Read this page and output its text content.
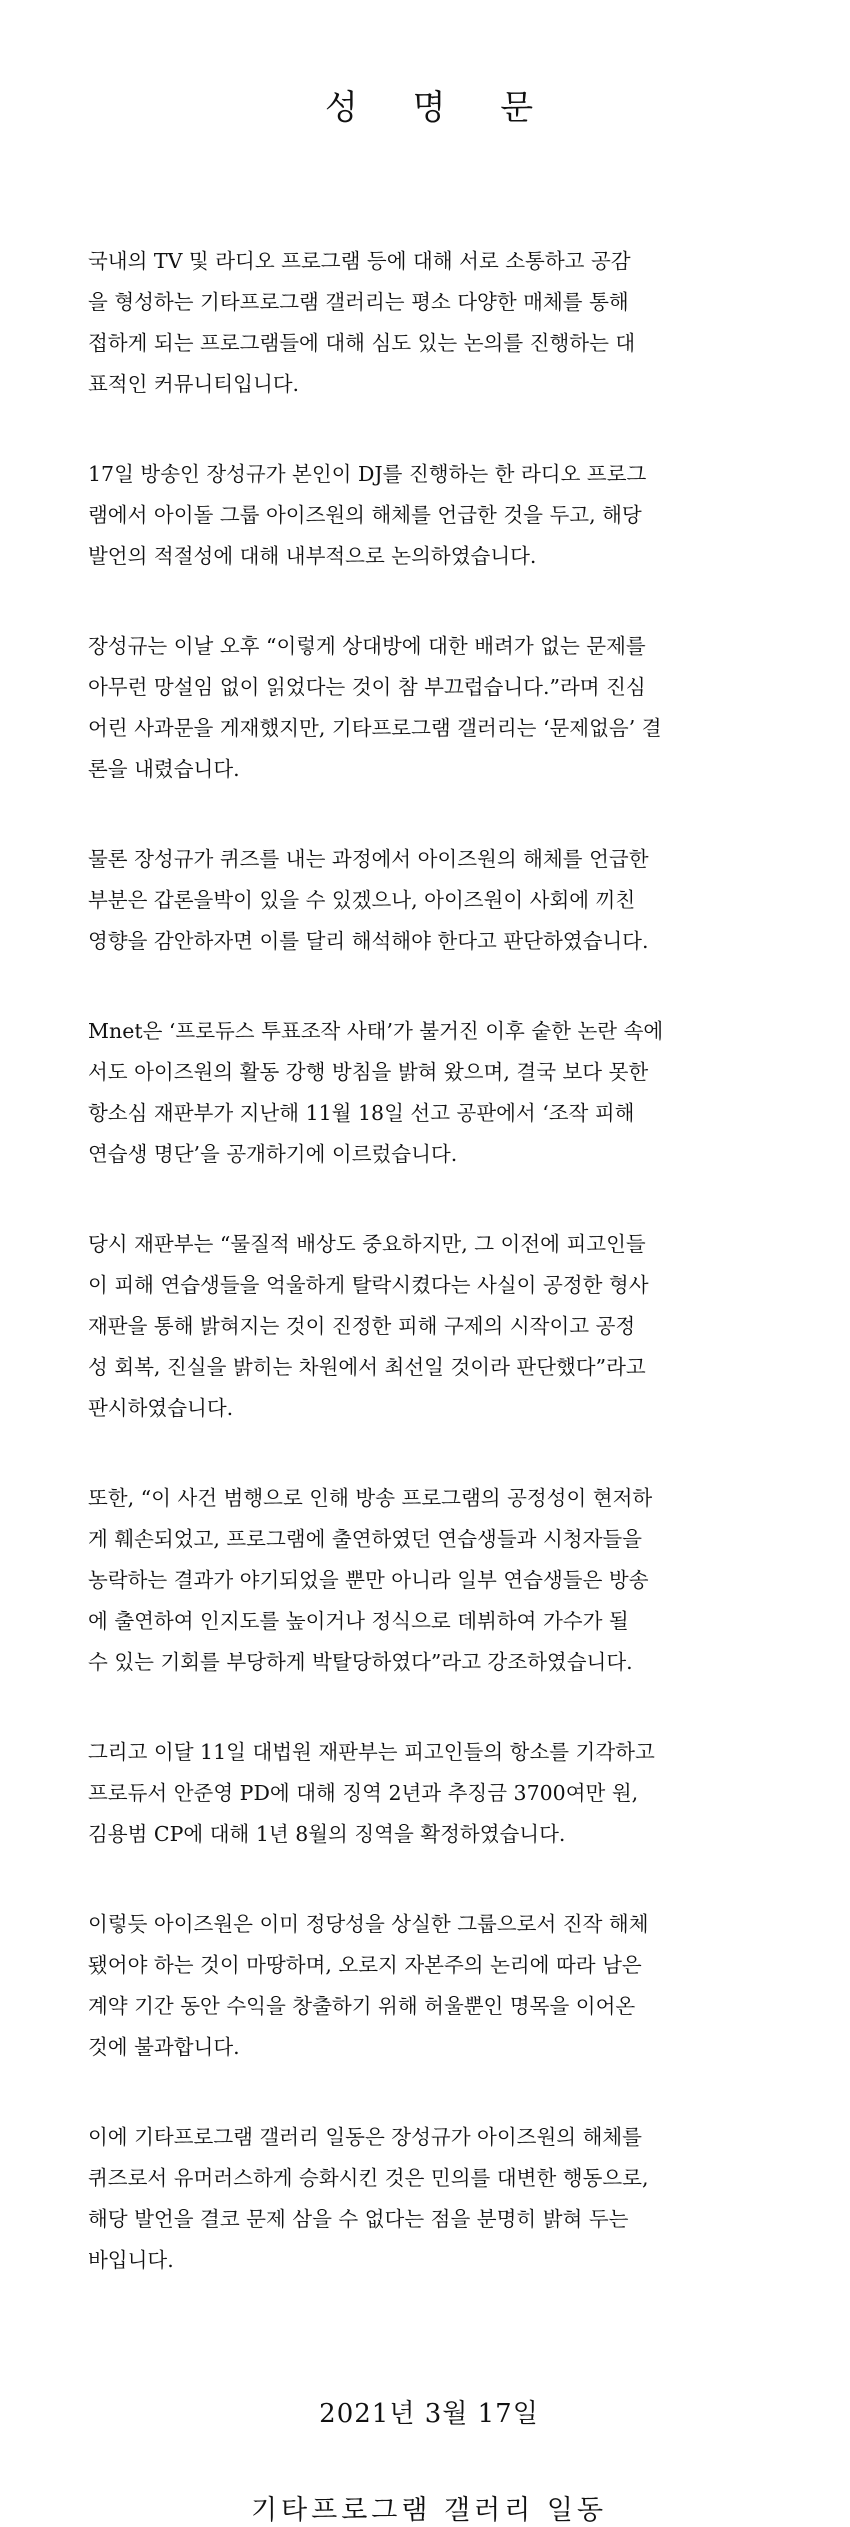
성 명 문

국내의 TV 및 라디오 프로그램 등에 대해 서로 소통하고 공감
을 형성하는 기타프로그램 갤러리는 평소 다양한 매체를 통해
접하게 되는 프로그램들에 대해 심도 있는 논의를 진행하는 대
표적인 커뮤니티입니다.

17일 방송인 장성규가 본인이 DJ를 진행하는 한 라디오 프로그
램에서 아이돌 그룹 아이즈원의 해체를 언급한 것을 두고, 해당
발언의 적절성에 대해 내부적으로 논의하였습니다.

장성규는 이날 오후 “이렇게 상대방에 대한 배려가 없는 문제를
아무런 망설임 없이 읽었다는 것이 참 부끄럽습니다.”라며 진심
어린 사과문을 게재했지만, 기타프로그램 갤러리는 ‘문제없음’ 결
론을 내렸습니다.

물론 장성규가 퀴즈를 내는 과정에서 아이즈원의 해체를 언급한
부분은 갑론을박이 있을 수 있겠으나, 아이즈원이 사회에 끼친
영향을 감안하자면 이를 달리 해석해야 한다고 판단하였습니다.

Mnet은 ‘프로듀스 투표조작 사태’가 불거진 이후 숱한 논란 속에
서도 아이즈원의 활동 강행 방침을 밝혀 왔으며, 결국 보다 못한
항소심 재판부가 지난해 11월 18일 선고 공판에서 ‘조작 피해
연습생 명단’을 공개하기에 이르렀습니다.

당시 재판부는 “물질적 배상도 중요하지만, 그 이전에 피고인들
이 피해 연습생들을 억울하게 탈락시켰다는 사실이 공정한 형사
재판을 통해 밝혀지는 것이 진정한 피해 구제의 시작이고 공정
성 회복, 진실을 밝히는 차원에서 최선일 것이라 판단했다”라고
판시하였습니다.

또한, “이 사건 범행으로 인해 방송 프로그램의 공정성이 현저하
게 훼손되었고, 프로그램에 출연하였던 연습생들과 시청자들을
농락하는 결과가 야기되었을 뿐만 아니라 일부 연습생들은 방송
에 출연하여 인지도를 높이거나 정식으로 데뷔하여 가수가 될
수 있는 기회를 부당하게 박탈당하였다”라고 강조하였습니다.

그리고 이달 11일 대법원 재판부는 피고인들의 항소를 기각하고
프로듀서 안준영 PD에 대해 징역 2년과 추징금 3700여만 원,
김용범 CP에 대해 1년 8월의 징역을 확정하였습니다.

이렇듯 아이즈원은 이미 정당성을 상실한 그룹으로서 진작 해체
됐어야 하는 것이 마땅하며, 오로지 자본주의 논리에 따라 남은
계약 기간 동안 수익을 창출하기 위해 허울뿐인 명목을 이어온
것에 불과합니다.

이에 기타프로그램 갤러리 일동은 장성규가 아이즈원의 해체를
퀴즈로서 유머러스하게 승화시킨 것은 민의를 대변한 행동으로,
해당 발언을 결코 문제 삼을 수 없다는 점을 분명히 밝혀 두는
바입니다.

2021년 3월 17일
기타프로그램 갤러리 일동
